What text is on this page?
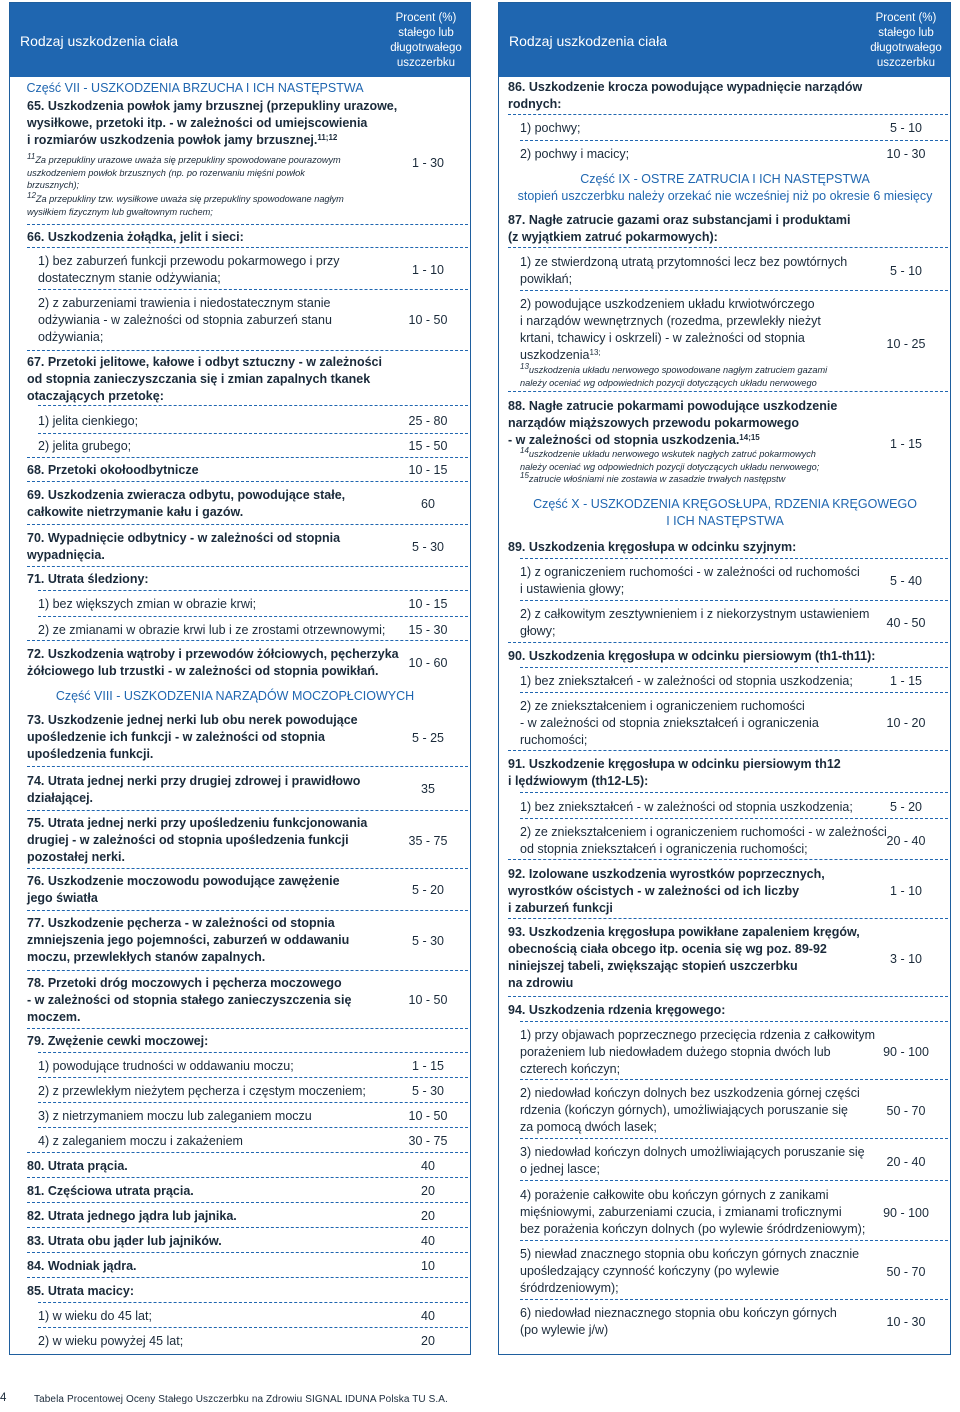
Rodzaj uszkodzenia ciała
Procent (%)
stałego lub
długotrwałego
uszczerbku
Rodzaj uszkodzenia ciała
Procent (%)
stałego lub
długotrwałego
uszczerbku
Część VII - USZKODZENIA BRZUCHA I ICH NASTĘPSTWA
65. Uszkodzenia powłok jamy brzusznej (przepukliny urazowe,
wysiłkowe, przetoki itp. - w zależności od umiejscowienia
i rozmiarów uszkodzenia powłok jamy brzusznej.$^{11;12}$
$^{11}$Za przepukliny urazowe uważa się przepukliny spowodowane pourazowym
uszkodzeniem powłok brzusznych (np. po rozerwaniu mięśni powłok
brzusznych);
$^{12}$Za przepukliny tzw. wysiłkowe uważa się przepukliny spowodowane nagłym
wysiłkiem fizycznym lub gwałtownym ruchem;
1 - 30
66. Uszkodzenia żołądka, jelit i sieci:
1) bez zaburzeń funkcji przewodu pokarmowego i przy
dostatecznym stanie odżywiania;
1 - 10
2) z zaburzeniami trawienia i niedostatecznym stanie
odżywiania - w zależności od stopnia zaburzeń stanu
odżywiania;
10 - 50
67. Przetoki jelitowe, kałowe i odbyt sztuczny - w zależności
od stopnia zanieczyszczania się i zmian zapalnych tkanek
otaczających przetokę:
1) jelita cienkiego;	25 - 80
2) jelita grubego;	15 - 50
68. Przetoki okołoodbytnicze	10 - 15
69. Uszkodzenia zwieracza odbytu, powodujące stałe,
całkowite nietrzymanie kału i gazów.
60
70. Wypadnięcie odbytnicy - w zależności od stopnia
wypadnięcia.
5 - 30
71. Utrata śledziony:
1) bez większych zmian w obrazie krwi;	10 - 15
2) ze zmianami w obrazie krwi lub i ze zrostami otrzewnowymi;	15 - 30
72. Uszkodzenia wątroby i przewodów żółciowych, pęcherzyka
żółciowego lub trzustki - w zależności od stopnia powikłań.
10 - 60
Część VIII - USZKODZENIA NARZĄDÓW MOCZOPŁCIOWYCH
73. Uszkodzenie jednej nerki lub obu nerek powodujące
upośledzenie ich funkcji - w zależności od stopnia
upośledzenia funkcji.
5 - 25
74. Utrata jednej nerki przy drugiej zdrowej i prawidłowo
działającej.
35
75. Utrata jednej nerki przy upośledzeniu funkcjonowania
drugiej - w zależności od stopnia upośledzenia funkcji
pozostałej nerki.
35 - 75
76. Uszkodzenie moczowodu powodujące zawężenie
jego światła
5 - 20
77. Uszkodzenie pęcherza - w zależności od stopnia
zmniejszenia jego pojemności, zaburzeń w oddawaniu
moczu, przewlekłych stanów zapalnych.
5 - 30
78. Przetoki dróg moczowych i pęcherza moczowego
- w zależności od stopnia stałego zanieczyszczenia się
moczem.
10 - 50
79. Zwężenie cewki moczowej:
1) powodujące trudności w oddawaniu moczu;	1 - 15
2) z przewlekłym nieżytem pęcherza i częstym moczeniem;	5 - 30
3) z nietrzymaniem moczu lub zaleganiem moczu	10 - 50
4) z zaleganiem moczu i zakażeniem	30 - 75
80. Utrata prącia.	40
81. Częściowa utrata prącia.	20
82. Utrata jednego jądra lub jajnika.	20
83. Utrata obu jąder lub jajników.	40
84. Wodniak jądra.	10
85. Utrata macicy:
1) w wieku do 45 lat;	40
2) w wieku powyżej 45 lat;	20
86. Uszkodzenie krocza powodujące wypadnięcie narządów
rodnych:
1) pochwy;	5 - 10
2) pochwy i macicy;	10 - 30
Część IX - OSTRE ZATRUCIA I ICH NASTĘPSTWA
stopień uszczerbku należy orzekać nie wcześniej niż po okresie 6 miesięcy
87. Nagłe zatrucie gazami oraz substancjami i produktami
(z wyjątkiem zatruć pokarmowych):
1) ze stwierdzoną utratą przytomności lecz bez powtórnych
powikłań;
5 - 10
2) powodujące uszkodzeniem układu krwiotwórczego
i narządów wewnętrznych (rozedma, przewlekły nieżyt
krtani, tchawicy i oskrzeli) - w zależności od stopnia
uszkodzenia$^{13;}$
$^{13}$uszkodzenia układu nerwowego spowodowane nagłym zatruciem gazami
należy oceniać wg odpowiednich pozycji dotyczących układu nerwowego
10 - 25
88. Nagłe zatrucie pokarmami powodujące uszkodzenie
narządów miąższowych przewodu pokarmowego
- w zależności od stopnia uszkodzenia.$^{14;15}$
$^{14}$uszkodzenie układu nerwowego wskutek nagłych zatruć pokarmowych
należy oceniać wg odpowiednich pozycji dotyczących układu nerwowego;
$^{15}$zatrucie włośniami nie zostawia w zasadzie trwałych następstw
1 - 15
Część X - USZKODZENIA KRĘGOSŁUPA, RDZENIA KRĘGOWEGO
I ICH NASTĘPSTWA
89. Uszkodzenia kręgosłupa w odcinku szyjnym:
1) z ograniczeniem ruchomości - w zależności od ruchomości
i ustawienia głowy;
5 - 40
2) z całkowitym zesztywnieniem i z niekorzystnym ustawieniem
głowy;
40 - 50
90. Uszkodzenia kręgosłupa w odcinku piersiowym (th1-th11):
1) bez zniekształceń - w zależności od stopnia uszkodzenia;	1 - 15
2) ze zniekształceniem i ograniczeniem ruchomości
- w zależności od stopnia zniekształceń i ograniczenia
ruchomości;
10 - 20
91. Uszkodzenie kręgosłupa w odcinku piersiowym th12
i lędźwiowym (th12-L5):
1) bez zniekształceń - w zależności od stopnia uszkodzenia;	5 - 20
2) ze zniekształceniem i ograniczeniem ruchomości - w zależności
od stopnia zniekształceń i ograniczenia ruchomości;
20 - 40
92. Izolowane uszkodzenia wyrostków poprzecznych,
wyrostków ościstych - w zależności od ich liczby
i zaburzeń funkcji
1 - 10
93. Uszkodzenia kręgosłupa powikłane zapaleniem kręgów,
obecnością ciała obcego itp. ocenia się wg poz. 89-92
niniejszej tabeli, zwiększając stopień uszczerbku
na zdrowiu
3 - 10
94. Uszkodzenia rdzenia kręgowego:
1) przy objawach poprzecznego przecięcia rdzenia z całkowitym
porażeniem lub niedowładem dużego stopnia dwóch lub
czterech kończyn;
90 - 100
2) niedowład kończyn dolnych bez uszkodzenia górnej części
rdzenia (kończyn górnych), umożliwiających poruszanie się
za pomocą dwóch lasek;
50 - 70
3) niedowład kończyn dolnych umożliwiających poruszanie się
o jednej lasce;	20 - 40
4) porażenie całkowite obu kończyn górnych z zanikami
mięśniowymi, zaburzeniami czucia, i zmianami troficznymi
bez porażenia kończyn dolnych (po wylewie śródrdzeniowym);
90 - 100
5) niewład znacznego stopnia obu kończyn górnych znacznie
upośledzający czynność kończyny (po wylewie
śródrdzeniowym);
50 - 70
6) niedowład nieznacznego stopnia obu kończyn górnych
(po wylewie j/w)
10 - 30
4	Tabela Procentowej Oceny Stałego Uszczerbku na Zdrowiu SIGNAL IDUNA Polska TU S.A.
